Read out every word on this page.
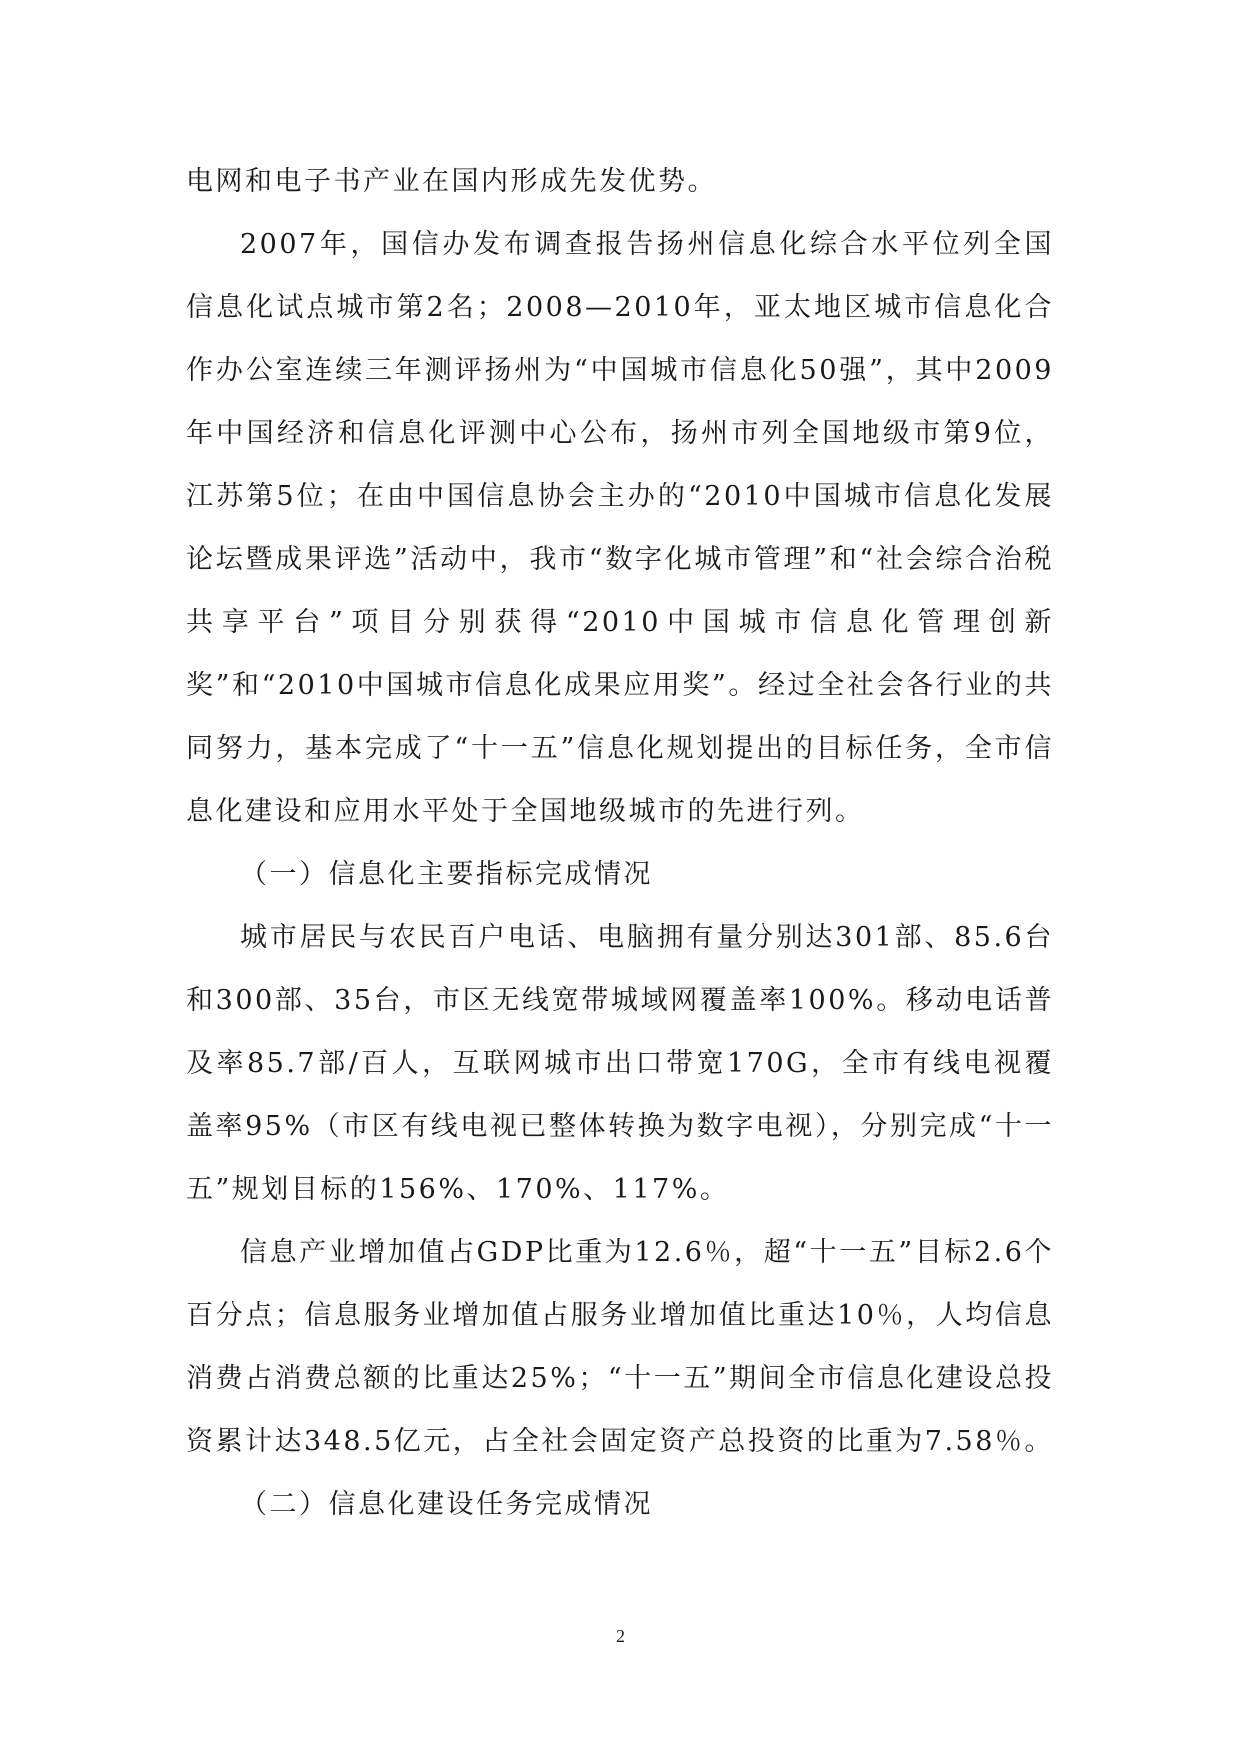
电网和电子书产业在国内形成先发优势。

2007年，国信办发布调查报告扬州信息化综合水平位列全国信息化试点城市第2名；2008—2010年，亚太地区城市信息化合作办公室连续三年测评扬州为“中国城市信息化50强”，其中2009年中国经济和信息化评测中心公布，扬州市列全国地级市第9位，江苏第5位；在由中国信息协会主办的“2010中国城市信息化发展论坛暨成果评选”活动中，我市“数字化城市管理”和“社会综合治税共享平台”项目分别获得“2010中国城市信息化管理创新奖”和“2010中国城市信息化成果应用奖”。经过全社会各行业的共同努力，基本完成了“十一五”信息化规划提出的目标任务，全市信息化建设和应用水平处于全国地级城市的先进行列。

（一）信息化主要指标完成情况

城市居民与农民百户电话、电脑拥有量分别达301部、85.6台和300部、35台，市区无线宽带城域网覆盖率100%。移动电话普及率85.7部/百人，互联网城市出口带宽170G，全市有线电视覆盖率95%（市区有线电视已整体转换为数字电视），分别完成“十一五”规划目标的156%、170%、117%。

信息产业增加值占GDP比重为12.6％，超“十一五”目标2.6个百分点；信息服务业增加值占服务业增加值比重达10％，人均信息消费占消费总额的比重达25%；“十一五”期间全市信息化建设总投资累计达348.5亿元，占全社会固定资产总投资的比重为7.58％。

（二）信息化建设任务完成情况

2
